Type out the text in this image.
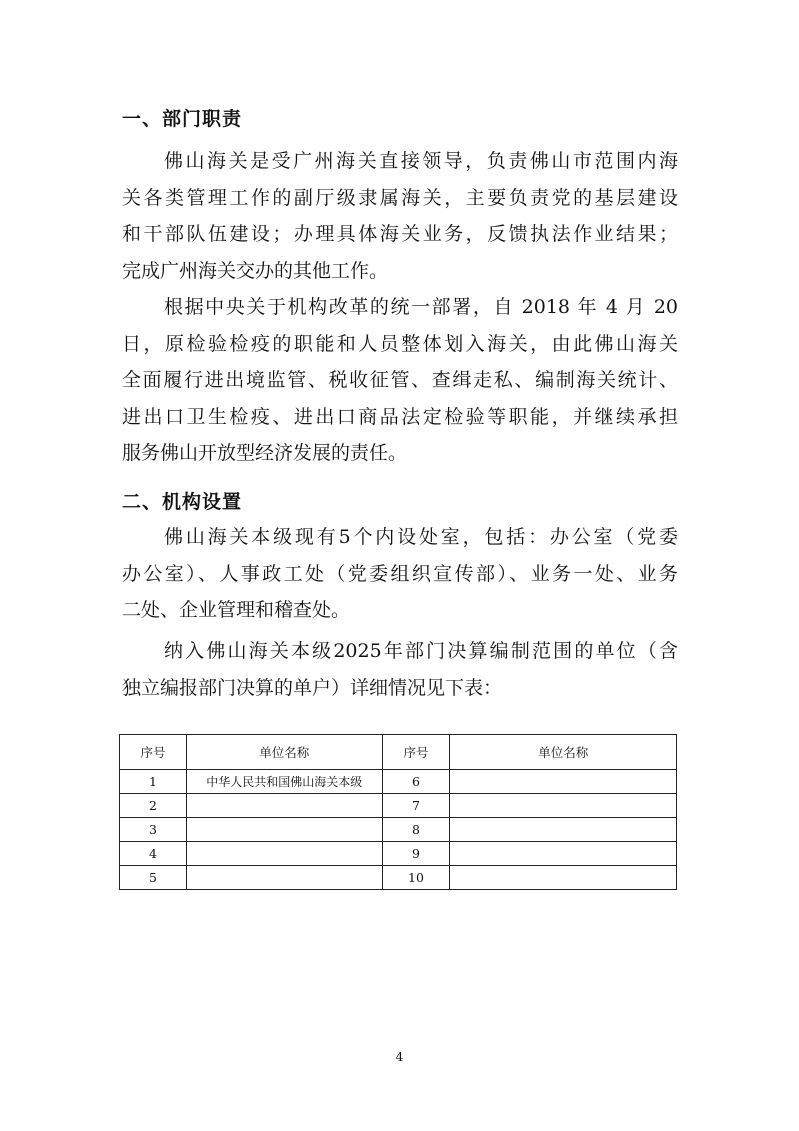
一、部门职责
佛山海关是受广州海关直接领导，负责佛山市范围内海
关各类管理工作的副厅级隶属海关，主要负责党的基层建设
和干部队伍建设；办理具体海关业务，反馈执法作业结果；
完成广州海关交办的其他工作。
根据中央关于机构改革的统一部署，自 2018 年 4 月 20
日，原检验检疫的职能和人员整体划入海关，由此佛山海关
全面履行进出境监管、税收征管、查缉走私、编制海关统计、
进出口卫生检疫、进出口商品法定检验等职能，并继续承担
服务佛山开放型经济发展的责任。
二、机构设置
佛山海关本级现有5个内设处室，包括：办公室（党委
办公室）、人事政工处（党委组织宣传部）、业务一处、业务
二处、企业管理和稽查处。
纳入佛山海关本级2025年部门决算编制范围的单位（含
独立编报部门决算的单户）详细情况见下表：
序号	单位名称	序号	单位名称
1	中华人民共和国佛山海关本级	6	
2		7	
3		8	
4		9	
5		10	
4
